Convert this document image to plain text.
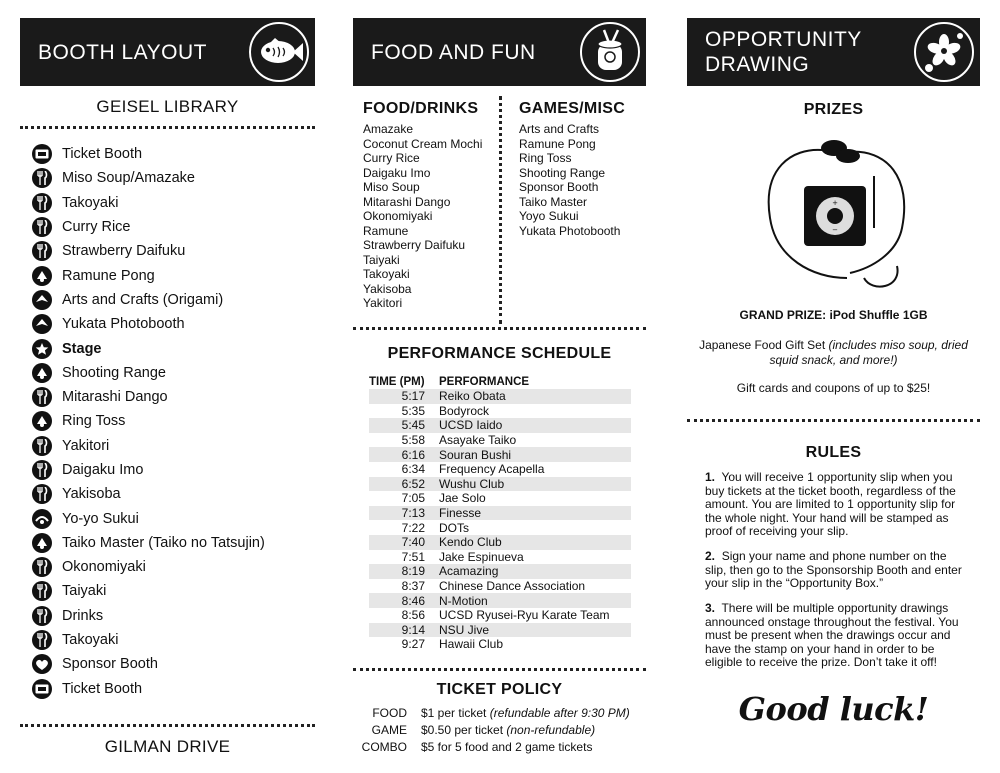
BOOTH LAYOUT
GEISEL LIBRARY
Ticket Booth
Miso Soup/Amazake
Takoyaki
Curry Rice
Strawberry Daifuku
Ramune Pong
Arts and Crafts (Origami)
Yukata Photobooth
Stage
Shooting Range
Mitarashi Dango
Ring Toss
Yakitori
Daigaku Imo
Yakisoba
Yo-yo Sukui
Taiko Master (Taiko no Tatsujin)
Okonomiyaki
Taiyaki
Drinks
Takoyaki
Sponsor Booth
Ticket Booth
GILMAN DRIVE
FOOD AND FUN
FOOD/DRINKS
Amazake
Coconut Cream Mochi
Curry Rice
Daigaku Imo
Miso Soup
Mitarashi Dango
Okonomiyaki
Ramune
Strawberry Daifuku
Taiyaki
Takoyaki
Yakisoba
Yakitori
GAMES/MISC
Arts and Crafts
Ramune Pong
Ring Toss
Shooting Range
Sponsor Booth
Taiko Master
Yoyo Sukui
Yukata Photobooth
PERFORMANCE SCHEDULE
TIME (PM)	PERFORMANCE
5:17	Reiko Obata
5:35	Bodyrock
5:45	UCSD Iaido
5:58	Asayake Taiko
6:16	Souran Bushi
6:34	Frequency Acapella
6:52	Wushu Club
7:05	Jae Solo
7:13	Finesse
7:22	DOTs
7:40	Kendo Club
7:51	Jake Espinueva
8:19	Acamazing
8:37	Chinese Dance Association
8:46	N-Motion
8:56	UCSD Ryusei-Ryu Karate Team
9:14	NSU Jive
9:27	Hawaii Club
TICKET POLICY
FOOD $1 per ticket (refundable after 9:30 PM)
GAME $0.50 per ticket (non-refundable)
COMBO $5 for 5 food and 2 game tickets
OPPORTUNITY
DRAWING
PRIZES
+
−
GRAND PRIZE: iPod Shuffle 1GB
Japanese Food Gift Set (includes miso soup, dried squid snack, and more!)
Gift cards and coupons of up to $25!
RULES
1. You will receive 1 opportunity slip when you buy tickets at the ticket booth, regardless of the amount. You are limited to 1 opportunity slip for the whole night. Your hand will be stamped as proof of receiving your slip.
2. Sign your name and phone number on the slip, then go to the Sponsorship Booth and enter your slip in the “Opportunity Box.”
3. There will be multiple opportunity drawings announced onstage throughout the festival. You must be present when the drawings occur and have the stamp on your hand in order to be eligible to receive the prize. Don’t take it off!
Good luck!
